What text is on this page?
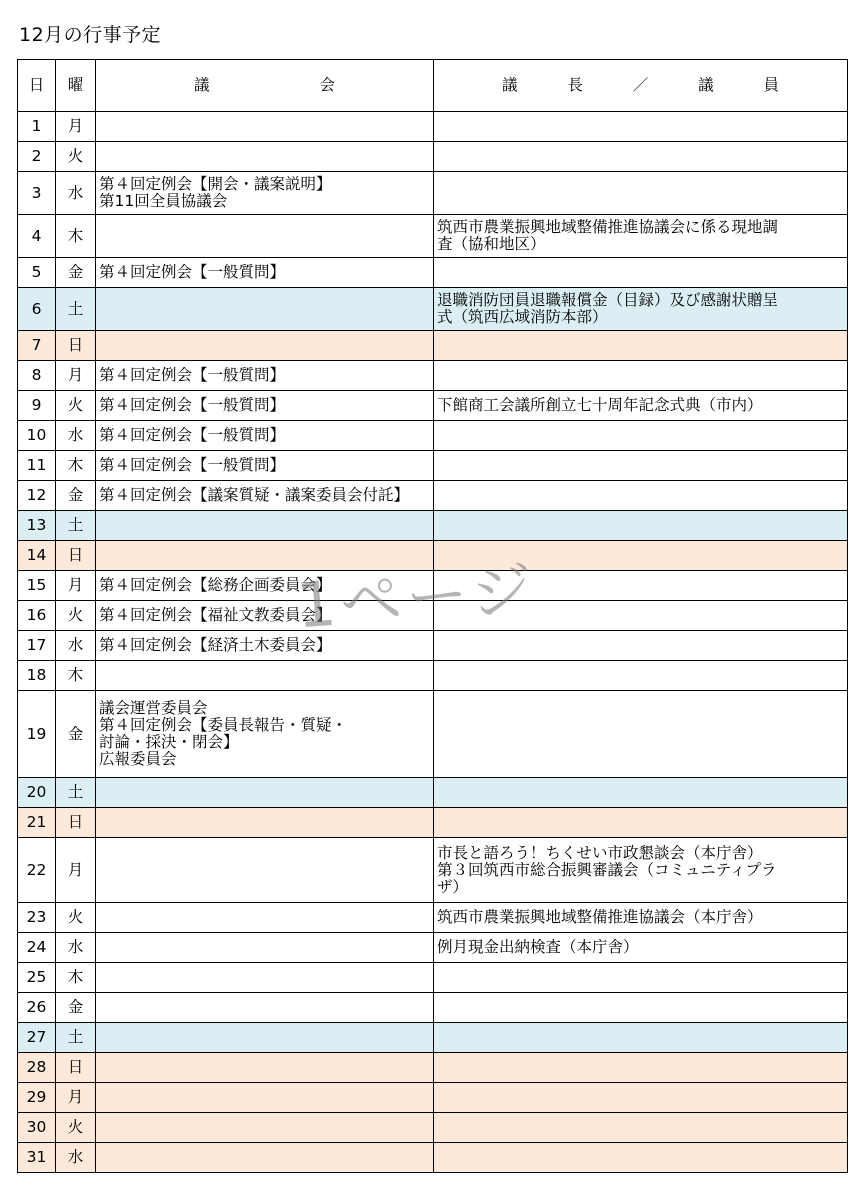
12月の行事予定
日	曜	議 会	議 長 ／ 議 員

1	月		
2	火		
3	水	第４回定例会【開会・議案説明】
第11回全員協議会	
4	木		筑西市農業振興地域整備推進協議会に係る現地調
査（協和地区）
5	金	第４回定例会【一般質問】	
6	土		退職消防団員退職報償金（目録）及び感謝状贈呈
式（筑西広域消防本部）
7	日		
8	月	第４回定例会【一般質問】	
9	火	第４回定例会【一般質問】	下館商工会議所創立七十周年記念式典（市内）
10	水	第４回定例会【一般質問】	
11	木	第４回定例会【一般質問】	
12	金	第４回定例会【議案質疑・議案委員会付託】	
13	土		
14	日		
15	月	第４回定例会【総務企画委員会】	
16	火	第４回定例会【福祉文教委員会】	
17	水	第４回定例会【経済土木委員会】	
18	木		
19	金	議会運営委員会
第４回定例会【委員長報告・質疑・
討論・採決・閉会】
広報委員会	
20	土		
21	日		
22	月		市長と語ろう！ちくせい市政懇談会（本庁舎）
第３回筑西市総合振興審議会（コミュニティプラ
ザ）
23	火		筑西市農業振興地域整備推進協議会（本庁舎）
24	水		例月現金出納検査（本庁舎）
25	木		
26	金		
27	土		
28	日		
29	月		
30	火		
31	水		
1ページ
